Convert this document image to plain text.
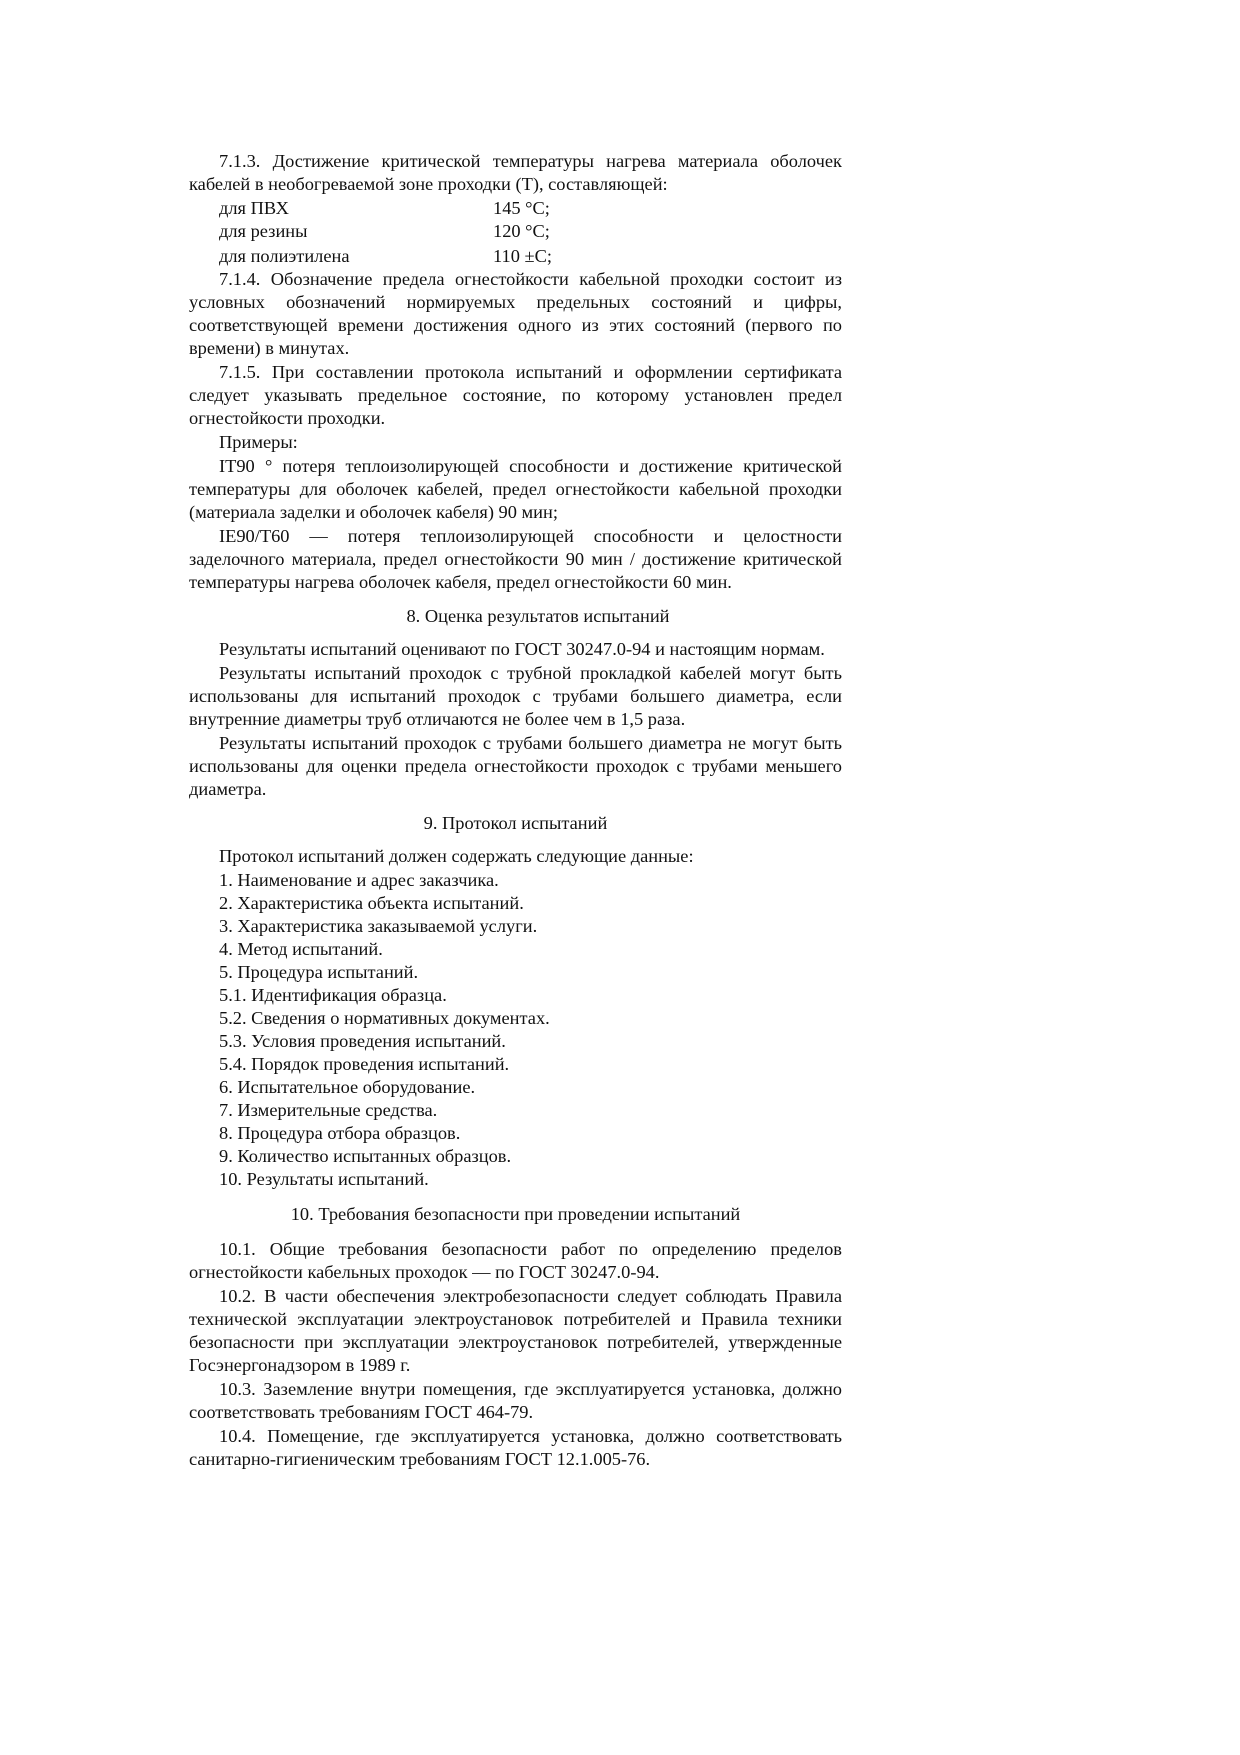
7.1.3. Достижение критической температуры нагрева материала оболочек кабелей в необогреваемой зоне проходки (T), составляющей:

для ПВХ	145 °С;
для резины	120 °С;
для полиэтилена	110 ±С;

7.1.4. Обозначение предела огнестойкости кабельной проходки состоит из условных обозначений нормируемых предельных состояний и цифры, соответствующей времени достижения одного из этих состояний (первого по времени) в минутах.

7.1.5. При составлении протокола испытаний и оформлении сертификата следует указывать предельное состояние, по которому установлен предел огнестойкости проходки.

Примеры:

IT90 ° потеря теплоизолирующей способности и достижение критической температуры для оболочек кабелей, предел огнестойкости кабельной проходки (материала заделки и оболочек кабеля) 90 мин;

IE90/T60 — потеря теплоизолирующей способности и целостности заделочного материала, предел огнестойкости 90 мин / достижение критической температуры нагрева оболочек кабеля, предел огнестойкости 60 мин.

8. Оценка результатов испытаний

Результаты испытаний оценивают по ГОСТ 30247.0-94 и настоящим нормам.

Результаты испытаний проходок с трубной прокладкой кабелей могут быть использованы для испытаний проходок с трубами большего диаметра, если внутренние диаметры труб отличаются не более чем в 1,5 раза.

Результаты испытаний проходок с трубами большего диаметра не могут быть использованы для оценки предела огнестойкости проходок с трубами меньшего диаметра.

9. Протокол испытаний

Протокол испытаний должен содержать следующие данные:

1. Наименование и адрес заказчика.

2. Характеристика объекта испытаний.

3. Характеристика заказываемой услуги.

4. Метод испытаний.

5. Процедура испытаний.

5.1. Идентификация образца.

5.2. Сведения о нормативных документах.

5.3. Условия проведения испытаний.

5.4. Порядок проведения испытаний.

6. Испытательное оборудование.

7. Измерительные средства.

8. Процедура отбора образцов.

9. Количество испытанных образцов.

10. Результаты испытаний.

10. Требования безопасности при проведении испытаний

10.1. Общие требования безопасности работ по определению пределов огнестойкости кабельных проходок — по ГОСТ 30247.0-94.

10.2. В части обеспечения электробезопасности следует соблюдать Правила технической эксплуатации электроустановок потребителей и Правила техники безопасности при эксплуатации электроустановок потребителей, утвержденные Госэнергонадзором в 1989 г.

10.3. Заземление внутри помещения, где эксплуатируется установка, должно соответствовать требованиям ГОСТ 464-79.

10.4. Помещение, где эксплуатируется установка, должно соответствовать санитарно-гигиеническим требованиям ГОСТ 12.1.005-76.
